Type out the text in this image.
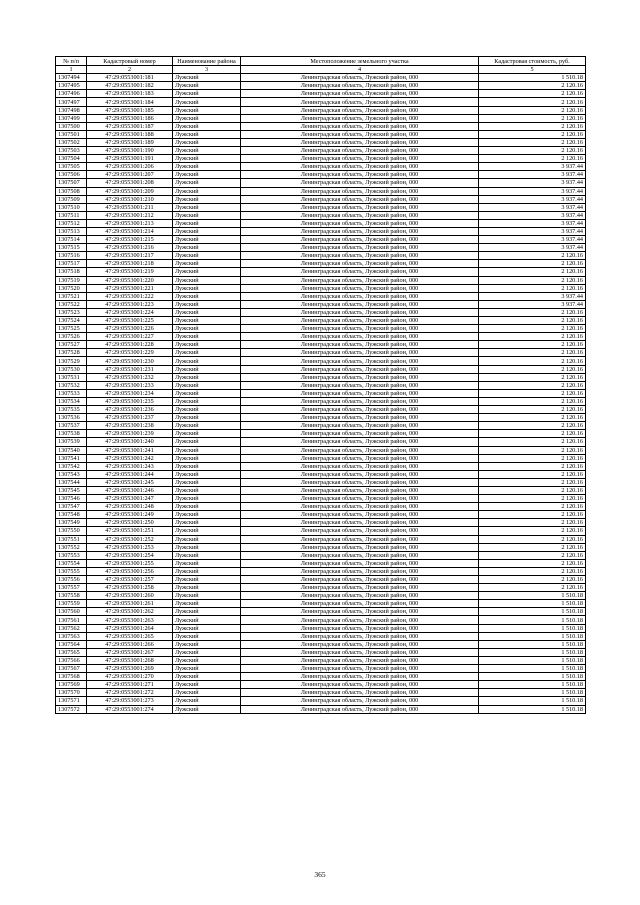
№ п/п	Кадастровый номер	Наименование района	Местоположение земельного участка	Кадастровая стоимость, руб.
1	2	3	4	5
1307494	47:29:0553001:181	Лужский	Ленинградская область, Лужский район, 000	1 510.18
1307495	47:29:0553001:182	Лужский	Ленинградская область, Лужский район, 000	2 120.16
1307496	47:29:0553001:183	Лужский	Ленинградская область, Лужский район, 000	2 120.16
1307497	47:29:0553001:184	Лужский	Ленинградская область, Лужский район, 000	2 120.16
1307498	47:29:0553001:185	Лужский	Ленинградская область, Лужский район, 000	2 120.16
1307499	47:29:0553001:186	Лужский	Ленинградская область, Лужский район, 000	2 120.16
1307500	47:29:0553001:187	Лужский	Ленинградская область, Лужский район, 000	2 120.16
1307501	47:29:0553001:188	Лужский	Ленинградская область, Лужский район, 000	2 120.16
1307502	47:29:0553001:189	Лужский	Ленинградская область, Лужский район, 000	2 120.16
1307503	47:29:0553001:190	Лужский	Ленинградская область, Лужский район, 000	2 120.16
1307504	47:29:0553001:191	Лужский	Ленинградская область, Лужский район, 000	2 120.16
1307505	47:29:0553001:206	Лужский	Ленинградская область, Лужский район, 000	3 937.44
1307506	47:29:0553001:207	Лужский	Ленинградская область, Лужский район, 000	3 937.44
1307507	47:29:0553001:208	Лужский	Ленинградская область, Лужский район, 000	3 937.44
1307508	47:29:0553001:209	Лужский	Ленинградская область, Лужский район, 000	3 937.44
1307509	47:29:0553001:210	Лужский	Ленинградская область, Лужский район, 000	3 937.44
1307510	47:29:0553001:211	Лужский	Ленинградская область, Лужский район, 000	3 937.44
1307511	47:29:0553001:212	Лужский	Ленинградская область, Лужский район, 000	3 937.44
1307512	47:29:0553001:213	Лужский	Ленинградская область, Лужский район, 000	3 937.44
1307513	47:29:0553001:214	Лужский	Ленинградская область, Лужский район, 000	3 937.44
1307514	47:29:0553001:215	Лужский	Ленинградская область, Лужский район, 000	3 937.44
1307515	47:29:0553001:216	Лужский	Ленинградская область, Лужский район, 000	3 937.44
1307516	47:29:0553001:217	Лужский	Ленинградская область, Лужский район, 000	2 120.16
1307517	47:29:0553001:218	Лужский	Ленинградская область, Лужский район, 000	2 120.16
1307518	47:29:0553001:219	Лужский	Ленинградская область, Лужский район, 000	2 120.16
1307519	47:29:0553001:220	Лужский	Ленинградская область, Лужский район, 000	2 120.16
1307520	47:29:0553001:221	Лужский	Ленинградская область, Лужский район, 000	2 120.16
1307521	47:29:0553001:222	Лужский	Ленинградская область, Лужский район, 000	3 937.44
1307522	47:29:0553001:223	Лужский	Ленинградская область, Лужский район, 000	3 937.44
1307523	47:29:0553001:224	Лужский	Ленинградская область, Лужский район, 000	2 120.16
1307524	47:29:0553001:225	Лужский	Ленинградская область, Лужский район, 000	2 120.16
1307525	47:29:0553001:226	Лужский	Ленинградская область, Лужский район, 000	2 120.16
1307526	47:29:0553001:227	Лужский	Ленинградская область, Лужский район, 000	2 120.16
1307527	47:29:0553001:228	Лужский	Ленинградская область, Лужский район, 000	2 120.16
1307528	47:29:0553001:229	Лужский	Ленинградская область, Лужский район, 000	2 120.16
1307529	47:29:0553001:230	Лужский	Ленинградская область, Лужский район, 000	2 120.16
1307530	47:29:0553001:231	Лужский	Ленинградская область, Лужский район, 000	2 120.16
1307531	47:29:0553001:232	Лужский	Ленинградская область, Лужский район, 000	2 120.16
1307532	47:29:0553001:233	Лужский	Ленинградская область, Лужский район, 000	2 120.16
1307533	47:29:0553001:234	Лужский	Ленинградская область, Лужский район, 000	2 120.16
1307534	47:29:0553001:235	Лужский	Ленинградская область, Лужский район, 000	2 120.16
1307535	47:29:0553001:236	Лужский	Ленинградская область, Лужский район, 000	2 120.16
1307536	47:29:0553001:237	Лужский	Ленинградская область, Лужский район, 000	2 120.16
1307537	47:29:0553001:238	Лужский	Ленинградская область, Лужский район, 000	2 120.16
1307538	47:29:0553001:239	Лужский	Ленинградская область, Лужский район, 000	2 120.16
1307539	47:29:0553001:240	Лужский	Ленинградская область, Лужский район, 000	2 120.16
1307540	47:29:0553001:241	Лужский	Ленинградская область, Лужский район, 000	2 120.16
1307541	47:29:0553001:242	Лужский	Ленинградская область, Лужский район, 000	2 120.16
1307542	47:29:0553001:243	Лужский	Ленинградская область, Лужский район, 000	2 120.16
1307543	47:29:0553001:244	Лужский	Ленинградская область, Лужский район, 000	2 120.16
1307544	47:29:0553001:245	Лужский	Ленинградская область, Лужский район, 000	2 120.16
1307545	47:29:0553001:246	Лужский	Ленинградская область, Лужский район, 000	2 120.16
1307546	47:29:0553001:247	Лужский	Ленинградская область, Лужский район, 000	2 120.16
1307547	47:29:0553001:248	Лужский	Ленинградская область, Лужский район, 000	2 120.16
1307548	47:29:0553001:249	Лужский	Ленинградская область, Лужский район, 000	2 120.16
1307549	47:29:0553001:250	Лужский	Ленинградская область, Лужский район, 000	2 120.16
1307550	47:29:0553001:251	Лужский	Ленинградская область, Лужский район, 000	2 120.16
1307551	47:29:0553001:252	Лужский	Ленинградская область, Лужский район, 000	2 120.16
1307552	47:29:0553001:253	Лужский	Ленинградская область, Лужский район, 000	2 120.16
1307553	47:29:0553001:254	Лужский	Ленинградская область, Лужский район, 000	2 120.16
1307554	47:29:0553001:255	Лужский	Ленинградская область, Лужский район, 000	2 120.16
1307555	47:29:0553001:256	Лужский	Ленинградская область, Лужский район, 000	2 120.16
1307556	47:29:0553001:257	Лужский	Ленинградская область, Лужский район, 000	2 120.16
1307557	47:29:0553001:258	Лужский	Ленинградская область, Лужский район, 000	2 120.16
1307558	47:29:0553001:260	Лужский	Ленинградская область, Лужский район, 000	1 510.18
1307559	47:29:0553001:261	Лужский	Ленинградская область, Лужский район, 000	1 510.18
1307560	47:29:0553001:262	Лужский	Ленинградская область, Лужский район, 000	1 510.18
1307561	47:29:0553001:263	Лужский	Ленинградская область, Лужский район, 000	1 510.18
1307562	47:29:0553001:264	Лужский	Ленинградская область, Лужский район, 000	1 510.18
1307563	47:29:0553001:265	Лужский	Ленинградская область, Лужский район, 000	1 510.18
1307564	47:29:0553001:266	Лужский	Ленинградская область, Лужский район, 000	1 510.18
1307565	47:29:0553001:267	Лужский	Ленинградская область, Лужский район, 000	1 510.18
1307566	47:29:0553001:268	Лужский	Ленинградская область, Лужский район, 000	1 510.18
1307567	47:29:0553001:269	Лужский	Ленинградская область, Лужский район, 000	1 510.18
1307568	47:29:0553001:270	Лужский	Ленинградская область, Лужский район, 000	1 510.18
1307569	47:29:0553001:271	Лужский	Ленинградская область, Лужский район, 000	1 510.18
1307570	47:29:0553001:272	Лужский	Ленинградская область, Лужский район, 000	1 510.18
1307571	47:29:0553001:273	Лужский	Ленинградская область, Лужский район, 000	1 510.18
1307572	47:29:0553001:274	Лужский	Ленинградская область, Лужский район, 000	1 510.18
365
